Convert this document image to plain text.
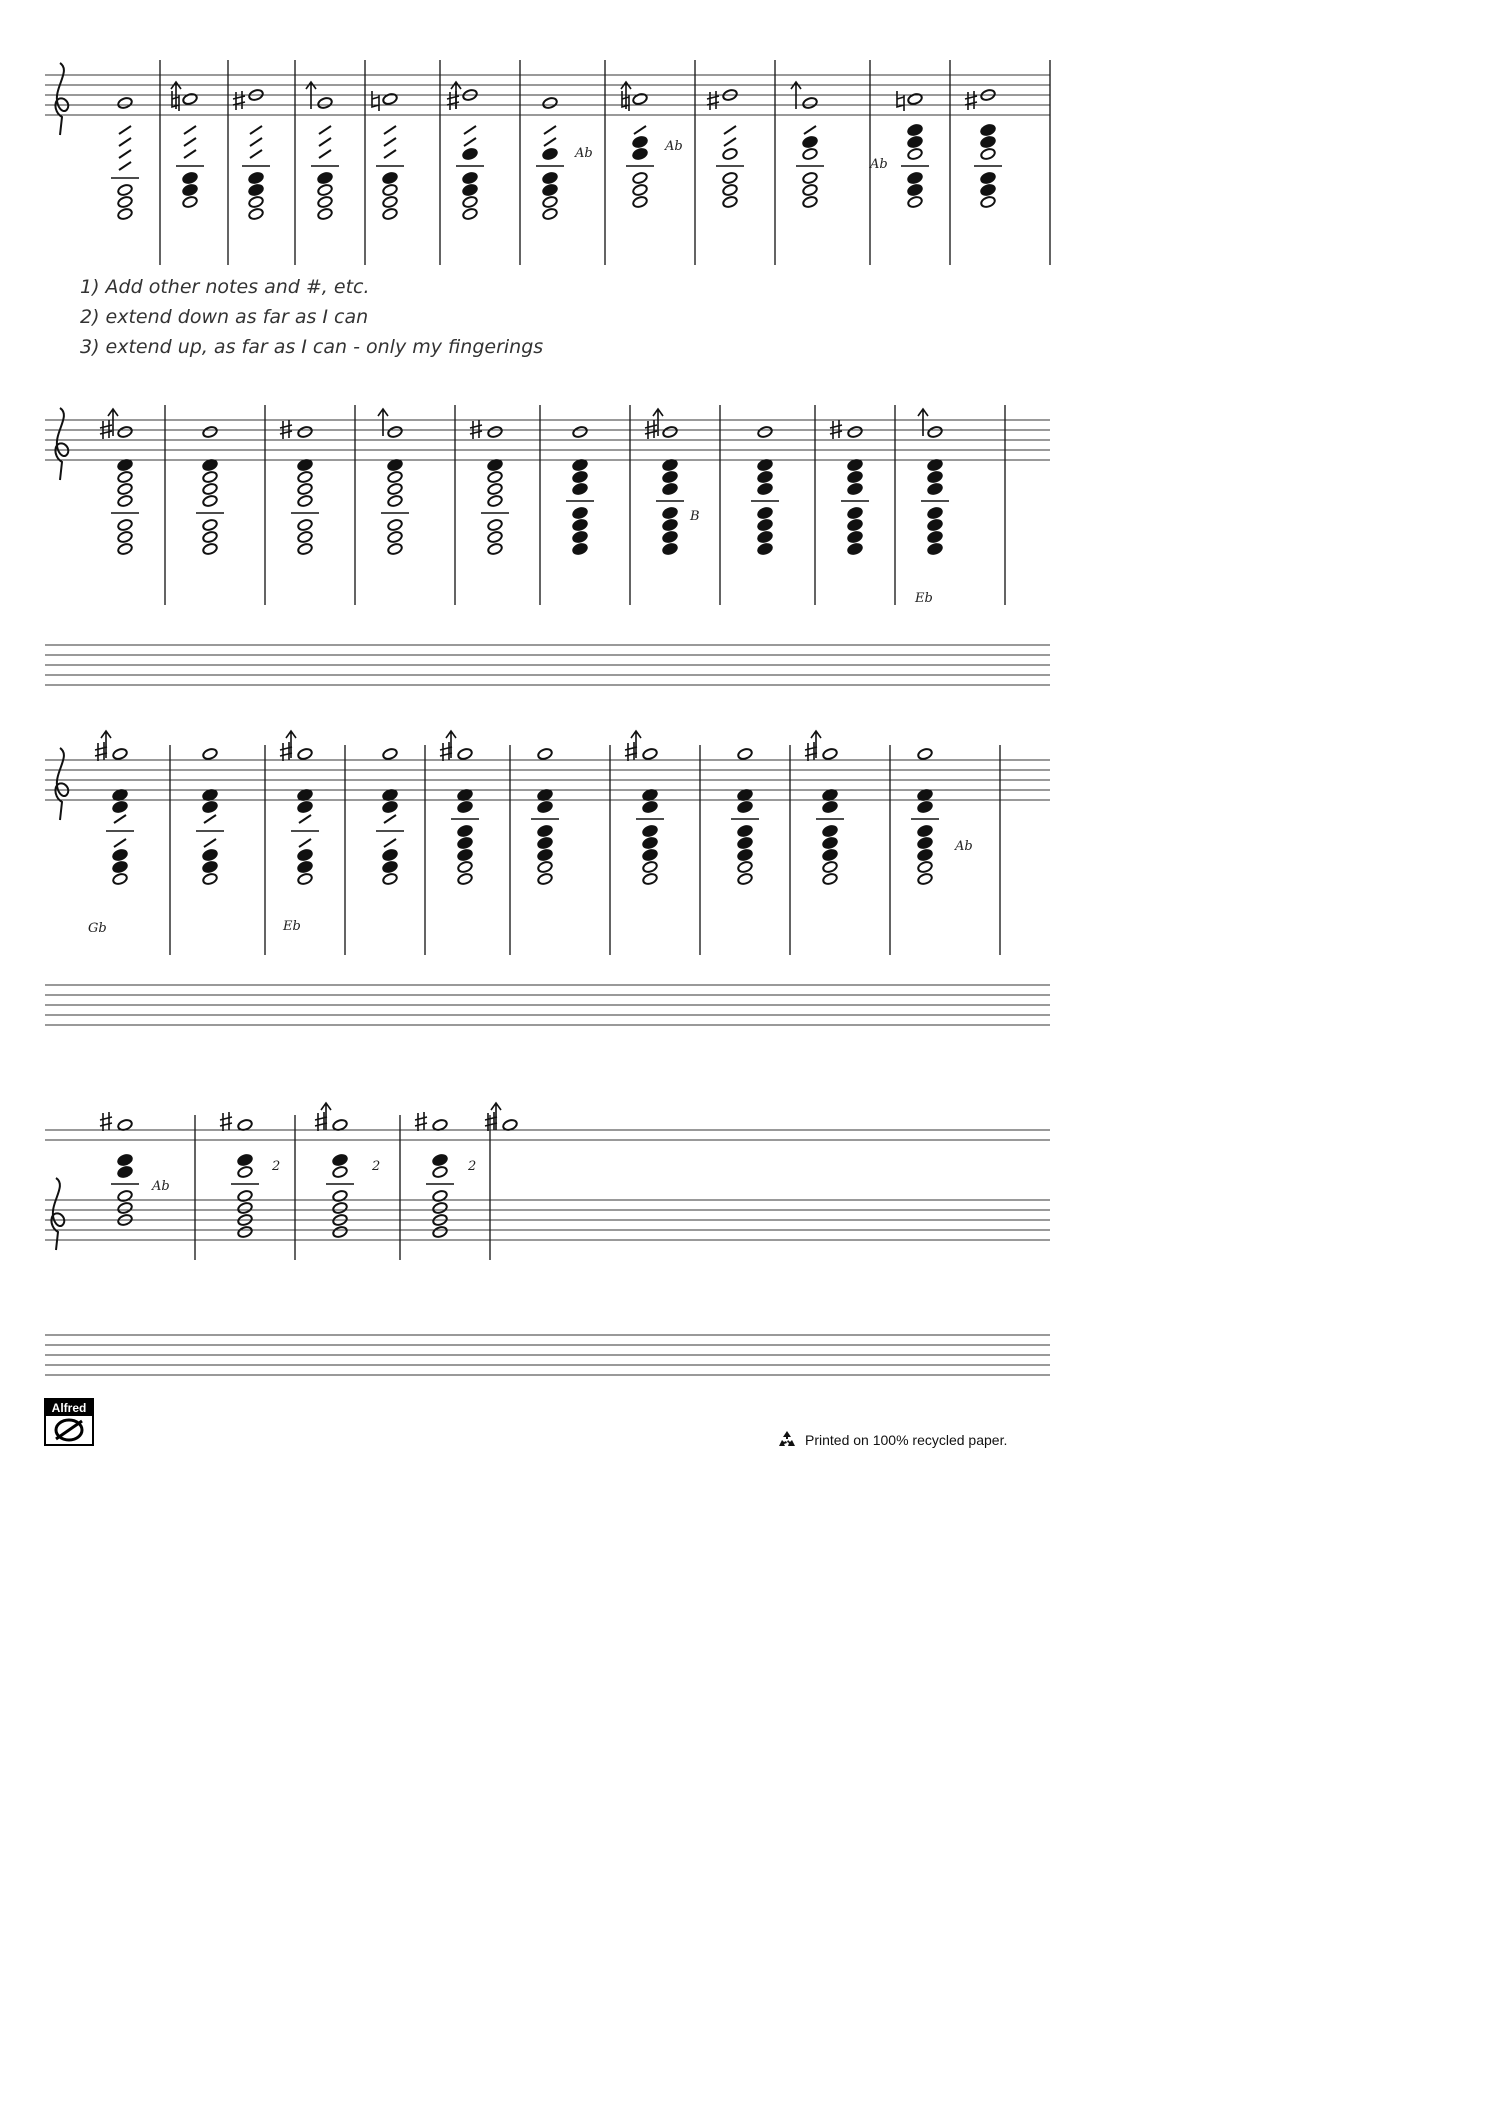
Ab	Ab
Ab
B
Eb
Gb	Eb
Ab
Ab
2	2	2
1) Add other notes and #, etc.
2) extend down as far as I can
3) extend up, as far as I can - only my fingerings
Alfred
Printed on 100% recycled paper.
